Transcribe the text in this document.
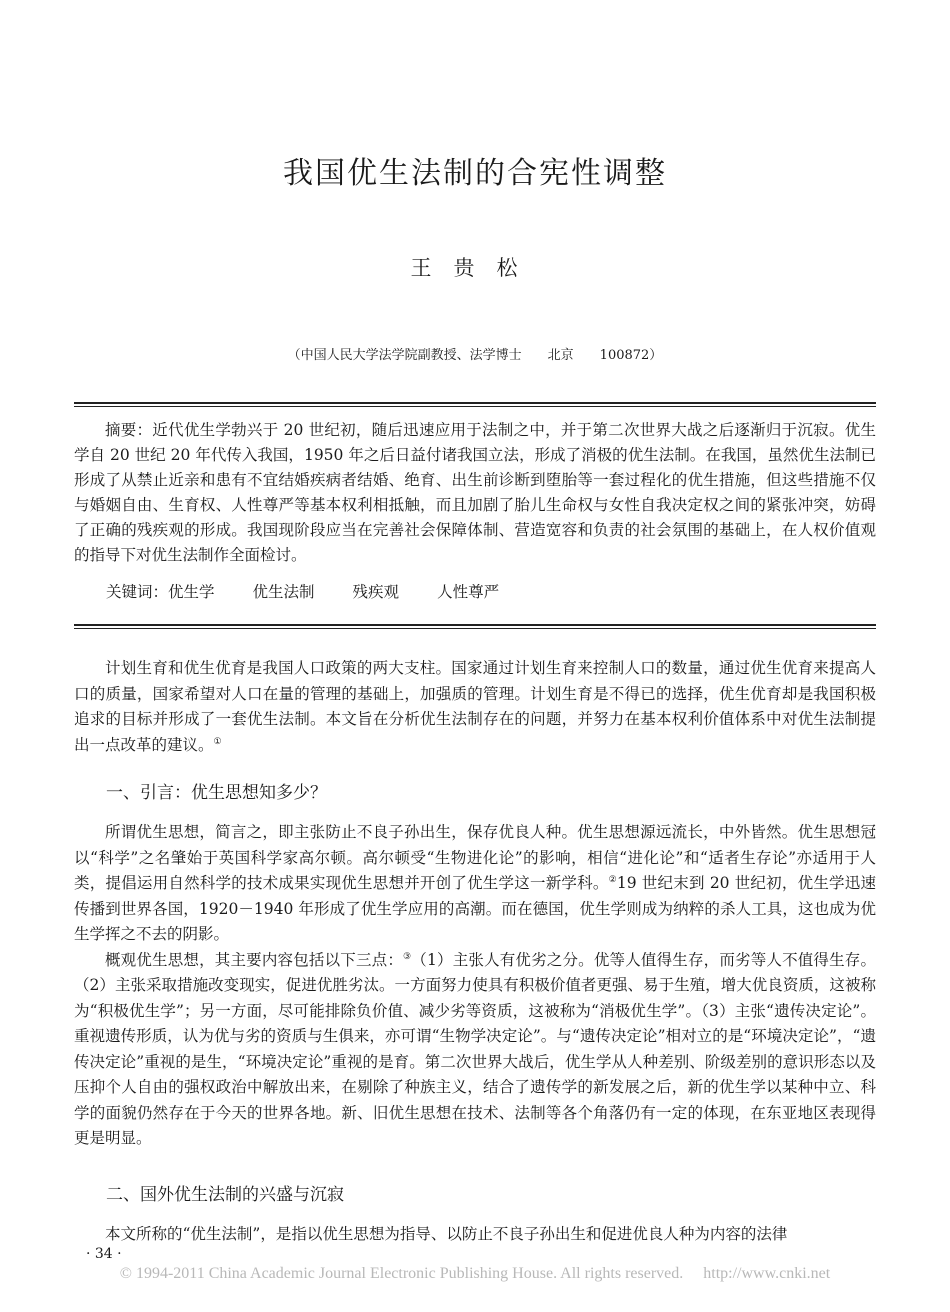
我国优生法制的合宪性调整
王贵松
（中国人民大学法学院副教授、法学博士　　北京　　100872）
摘要：近代优生学勃兴于 20 世纪初，随后迅速应用于法制之中，并于第二次世界大战之后逐渐归于沉寂。优生学自 20 世纪 20 年代传入我国，1950 年之后日益付诸我国立法，形成了消极的优生法制。在我国，虽然优生法制已形成了从禁止近亲和患有不宜结婚疾病者结婚、绝育、出生前诊断到堕胎等一套过程化的优生措施，但这些措施不仅与婚姻自由、生育权、人性尊严等基本权利相抵触，而且加剧了胎儿生命权与女性自我决定权之间的紧张冲突，妨碍了正确的残疾观的形成。我国现阶段应当在完善社会保障体制、营造宽容和负责的社会氛围的基础上，在人权价值观的指导下对优生法制作全面检讨。
关键词：优生学 优生法制 残疾观 人性尊严

计划生育和优生优育是我国人口政策的两大支柱。国家通过计划生育来控制人口的数量，通过优生优育来提高人口的质量，国家希望对人口在量的管理的基础上，加强质的管理。计划生育是不得已的选择，优生优育却是我国积极追求的目标并形成了一套优生法制。本文旨在分析优生法制存在的问题，并努力在基本权利价值体系中对优生法制提出一点改革的建议。①

一、引言：优生思想知多少？

所谓优生思想，简言之，即主张防止不良子孙出生，保存优良人种。优生思想源远流长，中外皆然。优生思想冠以“科学”之名肇始于英国科学家高尔顿。高尔顿受“生物进化论”的影响，相信“进化论”和“适者生存论”亦适用于人类，提倡运用自然科学的技术成果实现优生思想并开创了优生学这一新学科。②19 世纪末到 20 世纪初，优生学迅速传播到世界各国，1920－1940 年形成了优生学应用的高潮。而在德国，优生学则成为纳粹的杀人工具，这也成为优生学挥之不去的阴影。

概观优生思想，其主要内容包括以下三点：③（1）主张人有优劣之分。优等人值得生存，而劣等人不值得生存。（2）主张采取措施改变现实，促进优胜劣汰。一方面努力使具有积极价值者更强、易于生殖，增大优良资质，这被称为“积极优生学”；另一方面，尽可能排除负价值、减少劣等资质，这被称为“消极优生学”。（3）主张“遗传决定论”。重视遗传形质，认为优与劣的资质与生俱来，亦可谓“生物学决定论”。与“遗传决定论”相对立的是“环境决定论”，“遗传决定论”重视的是生，“环境决定论”重视的是育。第二次世界大战后，优生学从人种差别、阶级差别的意识形态以及压抑个人自由的强权政治中解放出来，在剔除了种族主义，结合了遗传学的新发展之后，新的优生学以某种中立、科学的面貌仍然存在于今天的世界各地。新、旧优生思想在技术、法制等各个角落仍有一定的体现，在东亚地区表现得更是明显。

二、国外优生法制的兴盛与沉寂

本文所称的“优生法制”，是指以优生思想为指导、以防止不良子孙出生和促进优良人种为内容的法律

· 34 ·
© 1994-2011 China Academic Journal Electronic Publishing House. All rights reserved.     http://www.cnki.net
